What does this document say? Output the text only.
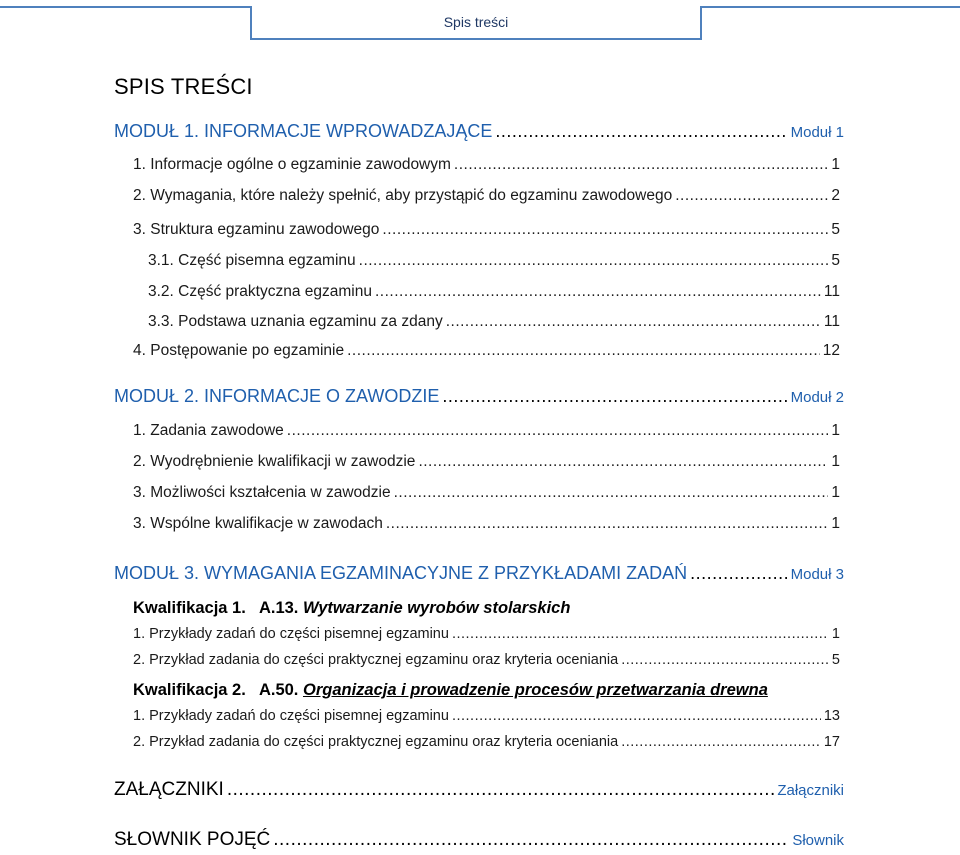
Spis treści
SPIS TREŚCI
MODUŁ 1. INFORMACJE WPROWADZAJĄCE .....	Moduł 1
1. Informacje ogólne o egzaminie zawodowym .....	1
2. Wymagania, które należy spełnić, aby przystąpić do egzaminu zawodowego .....	2
3. Struktura egzaminu zawodowego .....	5
3.1. Część pisemna egzaminu .....	5
3.2. Część praktyczna egzaminu .....	11
3.3. Podstawa uznania egzaminu za zdany .....	11
4. Postępowanie po egzaminie .....	12
MODUŁ 2. INFORMACJE O ZAWODZIE .....	Moduł 2
1. Zadania zawodowe .....	1
2. Wyodrębnienie kwalifikacji w zawodzie .....	1
3. Możliwości kształcenia w zawodzie .....	1
3. Wspólne kwalifikacje w zawodach .....	1
MODUŁ 3. WYMAGANIA EGZAMINACYJNE Z PRZYKŁADAMI ZADAŃ .....	Moduł 3
Kwalifikacja 1. A.13. Wytwarzanie wyrobów stolarskich
1. Przykłady zadań do części pisemnej egzaminu .....	1
2. Przykład zadania do części praktycznej egzaminu oraz kryteria oceniania .....	5
Kwalifikacja 2. A.50. Organizacja i prowadzenie procesów przetwarzania drewna
1. Przykłady zadań do części pisemnej egzaminu .....	13
2. Przykład zadania do części praktycznej egzaminu oraz kryteria oceniania .....	17
ZAŁĄCZNIKI .....	Załączniki
SŁOWNIK POJĘĆ .....	Słownik
